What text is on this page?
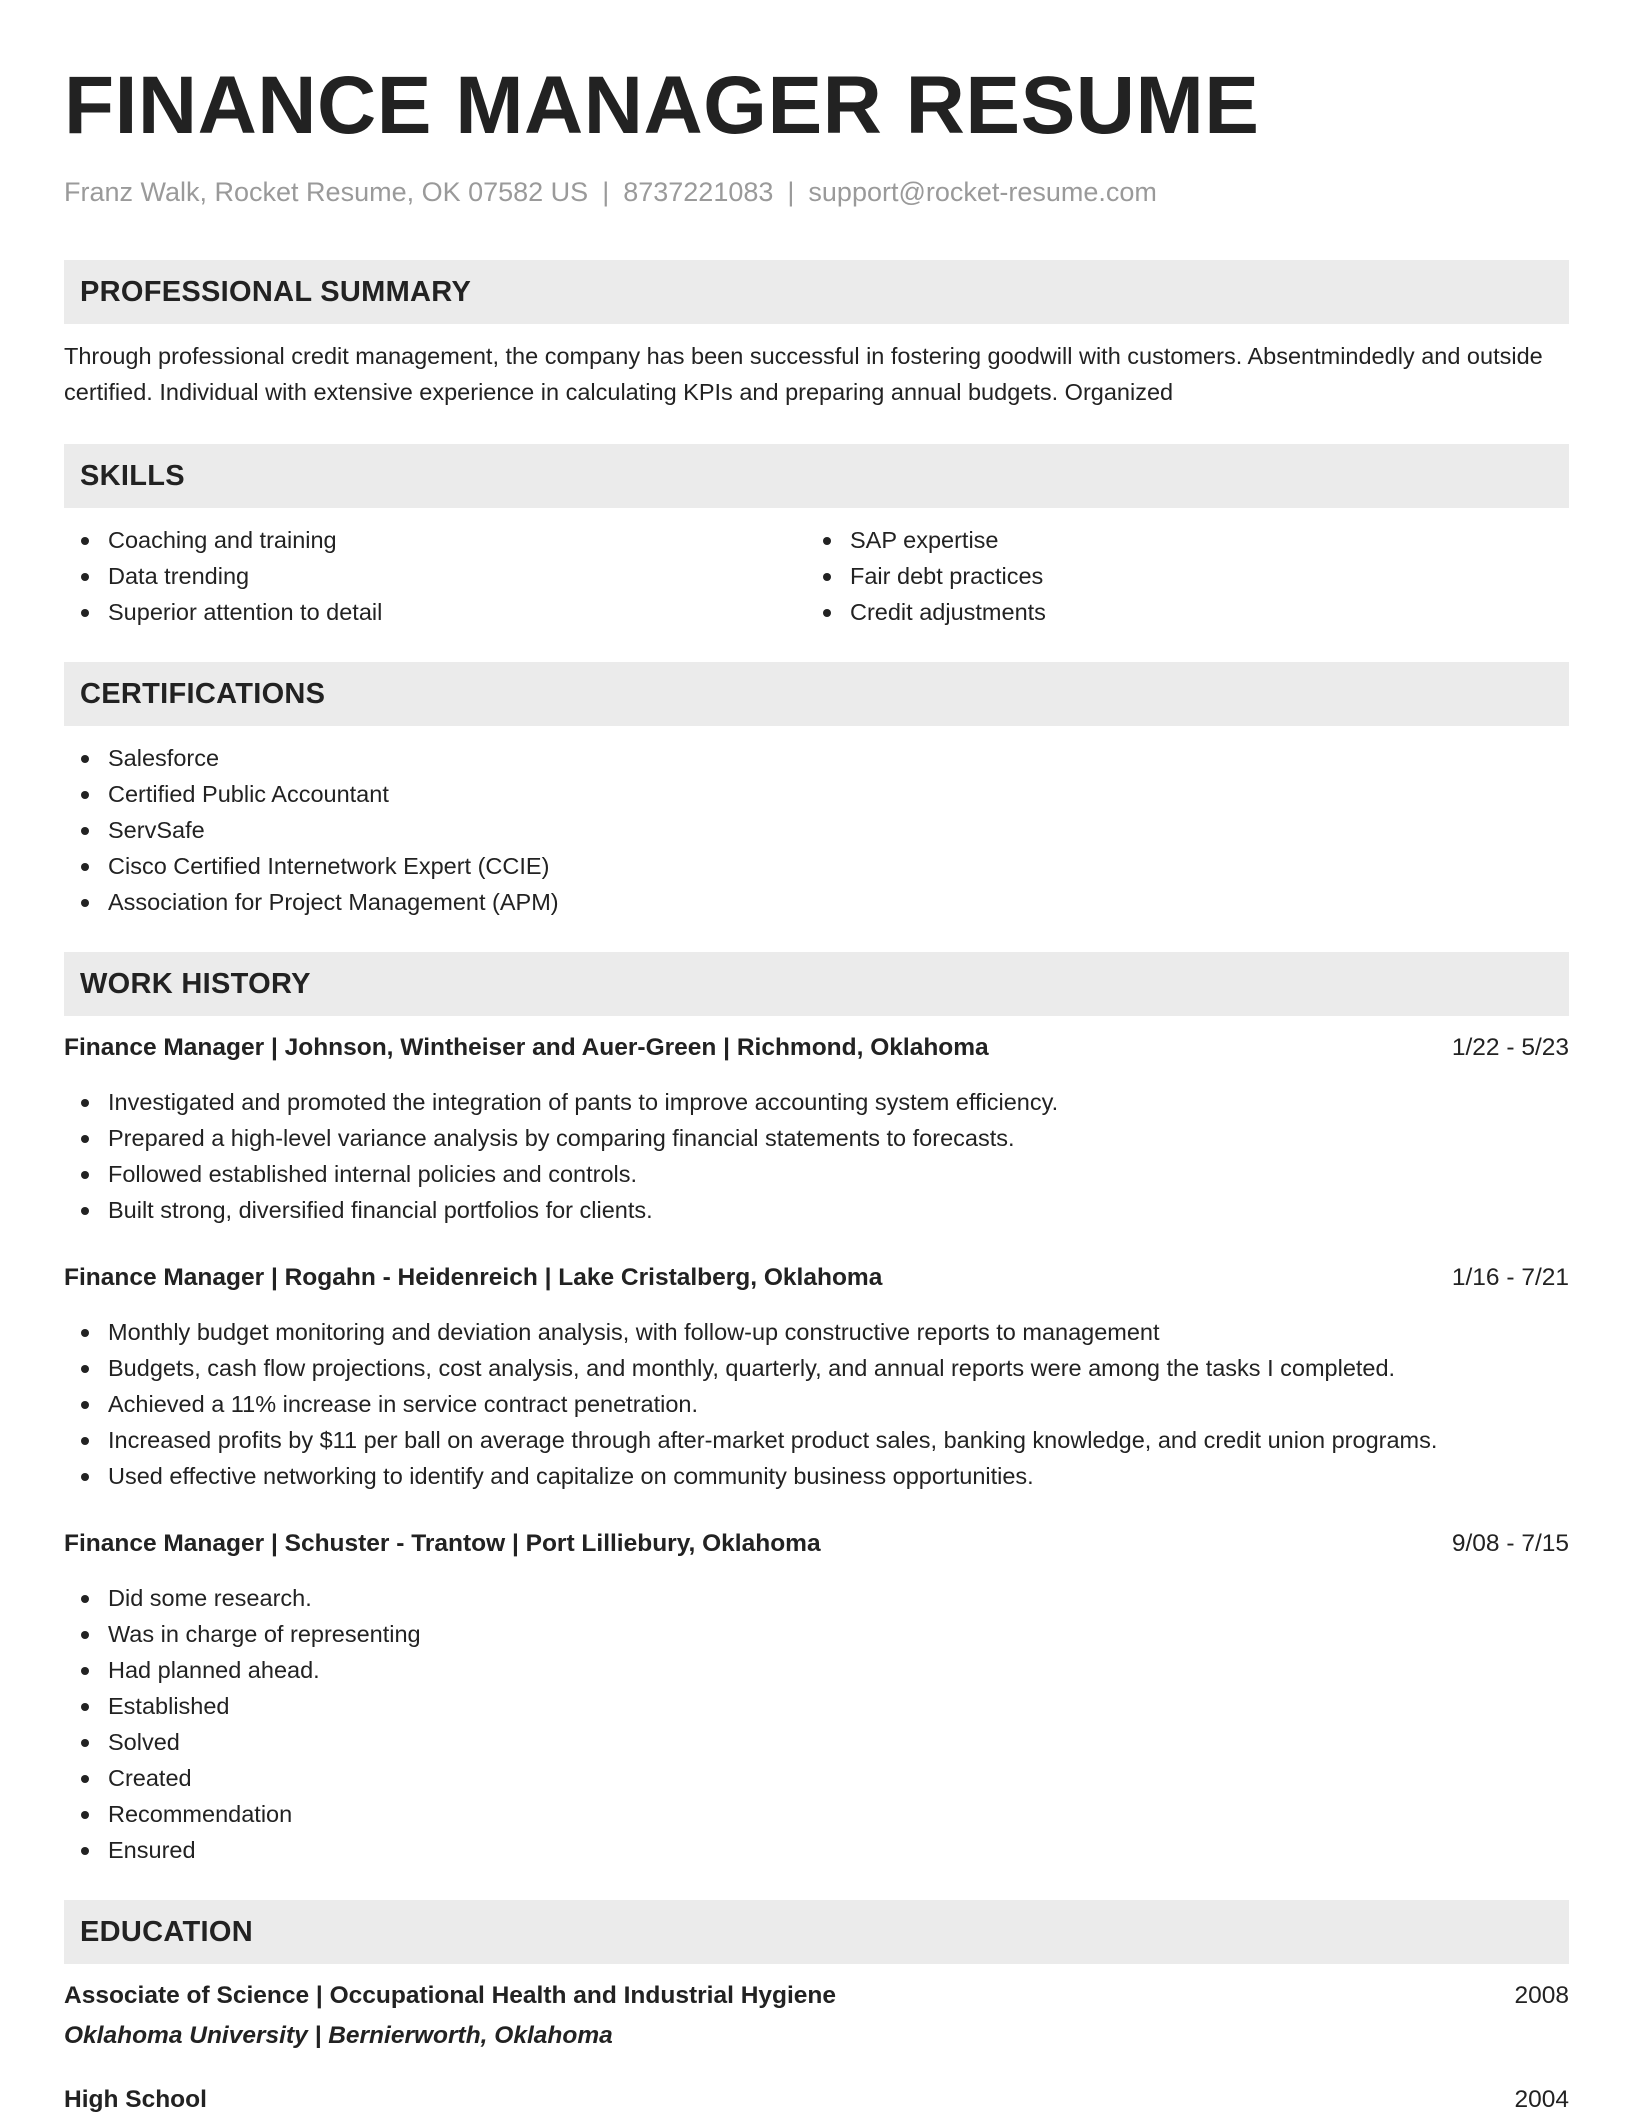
FINANCE MANAGER RESUME
Franz Walk, Rocket Resume, OK 07582 US | 8737221083 | support@rocket-resume.com
PROFESSIONAL SUMMARY
Through professional credit management, the company has been successful in fostering goodwill with customers. Absentmindedly and outside certified. Individual with extensive experience in calculating KPIs and preparing annual budgets. Organized
SKILLS
Coaching and training
Data trending
Superior attention to detail
SAP expertise
Fair debt practices
Credit adjustments
CERTIFICATIONS
Salesforce
Certified Public Accountant
ServSafe
Cisco Certified Internetwork Expert (CCIE)
Association for Project Management (APM)
WORK HISTORY
Finance Manager | Johnson, Wintheiser and Auer-Green | Richmond, Oklahoma	1/22 - 5/23
Investigated and promoted the integration of pants to improve accounting system efficiency.
Prepared a high-level variance analysis by comparing financial statements to forecasts.
Followed established internal policies and controls.
Built strong, diversified financial portfolios for clients.
Finance Manager | Rogahn - Heidenreich | Lake Cristalberg, Oklahoma	1/16 - 7/21
Monthly budget monitoring and deviation analysis, with follow-up constructive reports to management
Budgets, cash flow projections, cost analysis, and monthly, quarterly, and annual reports were among the tasks I completed.
Achieved a 11% increase in service contract penetration.
Increased profits by $11 per ball on average through after-market product sales, banking knowledge, and credit union programs.
Used effective networking to identify and capitalize on community business opportunities.
Finance Manager | Schuster - Trantow | Port Lilliebury, Oklahoma	9/08 - 7/15
Did some research.
Was in charge of representing
Had planned ahead.
Established
Solved
Created
Recommendation
Ensured
EDUCATION
Associate of Science | Occupational Health and Industrial Hygiene	2008
Oklahoma University | Bernierworth, Oklahoma
High School	2004
